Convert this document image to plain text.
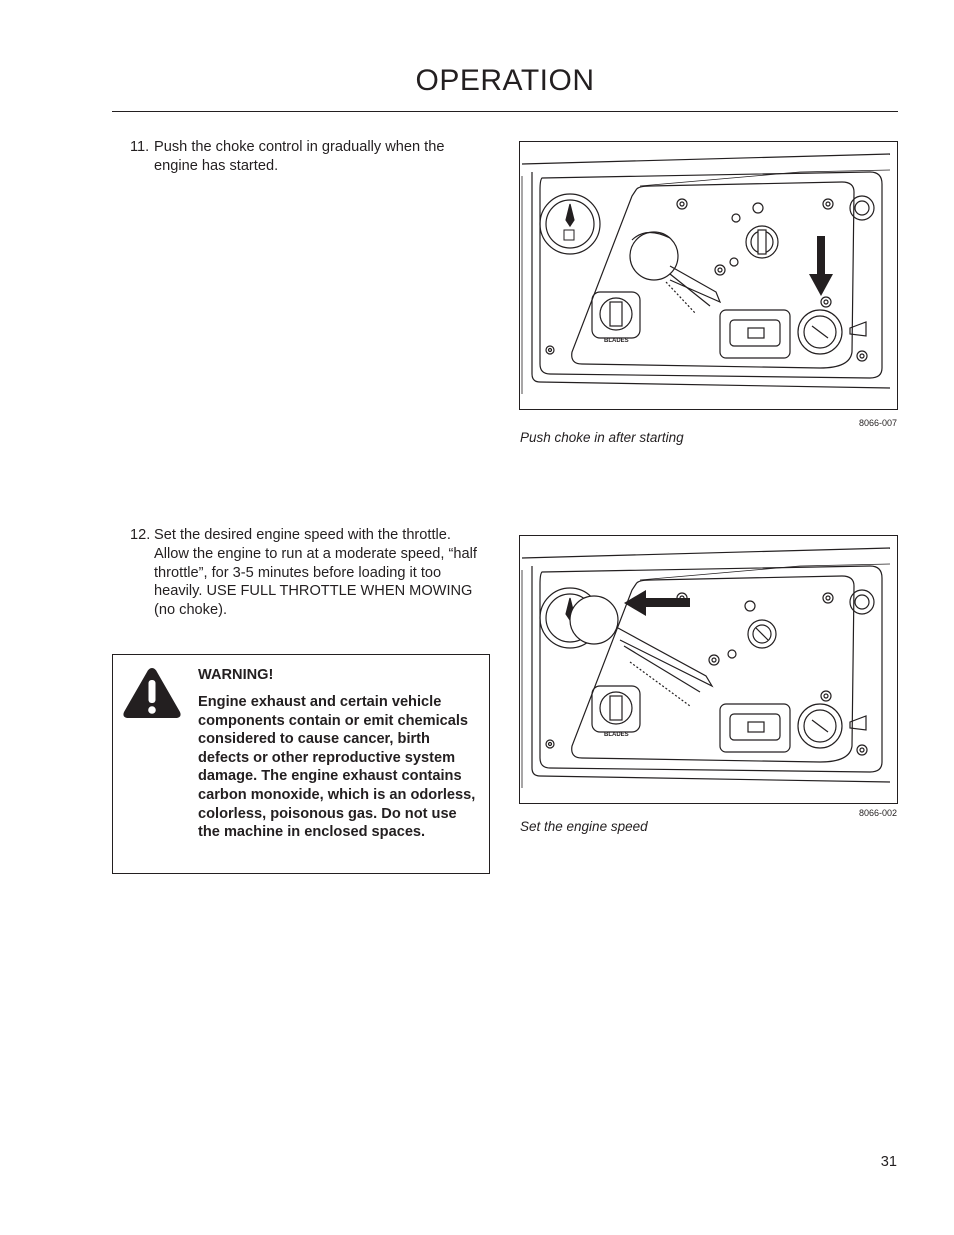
OPERATION
11. Push the choke control in gradually when the engine has started.
12. Set the desired engine speed with the throttle. Allow the engine to run at a moderate speed, “half throttle”, for 3-5 minutes before loading it too heavily. USE FULL THROTTLE WHEN MOWING (no choke).
BLADES
8066-007
Push choke in after starting
BLADES
8066-002
Set the engine speed
WARNING!
Engine exhaust and certain vehicle components contain or emit chemicals considered to cause cancer, birth defects or other reproductive system damage. The engine exhaust contains carbon monoxide, which is an odorless, colorless, poisonous gas. Do not use the machine in enclosed spaces.
31
